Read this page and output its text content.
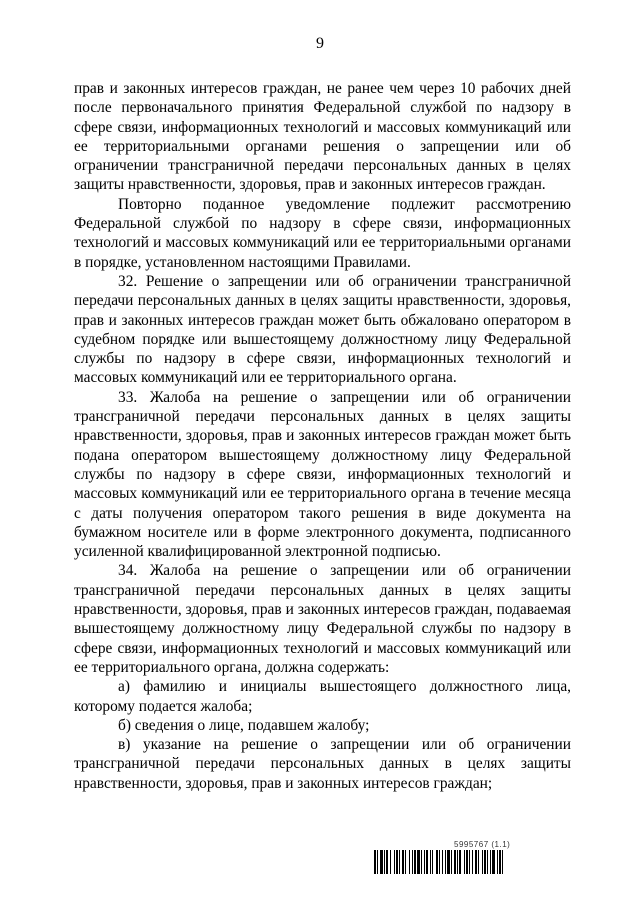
9

прав и законных интересов граждан, не ранее чем через 10 рабочих дней после первоначального принятия Федеральной службой по надзору в сфере связи, информационных технологий и массовых коммуникаций или ее территориальными органами решения о запрещении или об ограничении трансграничной передачи персональных данных в целях защиты нравственности, здоровья, прав и законных интересов граждан.

Повторно поданное уведомление подлежит рассмотрению Федеральной службой по надзору в сфере связи, информационных технологий и массовых коммуникаций или ее территориальными органами в порядке, установленном настоящими Правилами.

32. Решение о запрещении или об ограничении трансграничной передачи персональных данных в целях защиты нравственности, здоровья, прав и законных интересов граждан может быть обжаловано оператором в судебном порядке или вышестоящему должностному лицу Федеральной службы по надзору в сфере связи, информационных технологий и массовых коммуникаций или ее территориального органа.

33. Жалоба на решение о запрещении или об ограничении трансграничной передачи персональных данных в целях защиты нравственности, здоровья, прав и законных интересов граждан может быть подана оператором вышестоящему должностному лицу Федеральной службы по надзору в сфере связи, информационных технологий и массовых коммуникаций или ее территориального органа в течение месяца с даты получения оператором такого решения в виде документа на бумажном носителе или в форме электронного документа, подписанного усиленной квалифицированной электронной подписью.

34. Жалоба на решение о запрещении или об ограничении трансграничной передачи персональных данных в целях защиты нравственности, здоровья, прав и законных интересов граждан, подаваемая вышестоящему должностному лицу Федеральной службы по надзору в сфере связи, информационных технологий и массовых коммуникаций или ее территориального органа, должна содержать:

а) фамилию и инициалы вышестоящего должностного лица, которому подается жалоба;

б) сведения о лице, подавшем жалобу;

в) указание на решение о запрещении или об ограничении трансграничной передачи персональных данных в целях защиты нравственности, здоровья, прав и законных интересов граждан;

5995767 (1.1)
